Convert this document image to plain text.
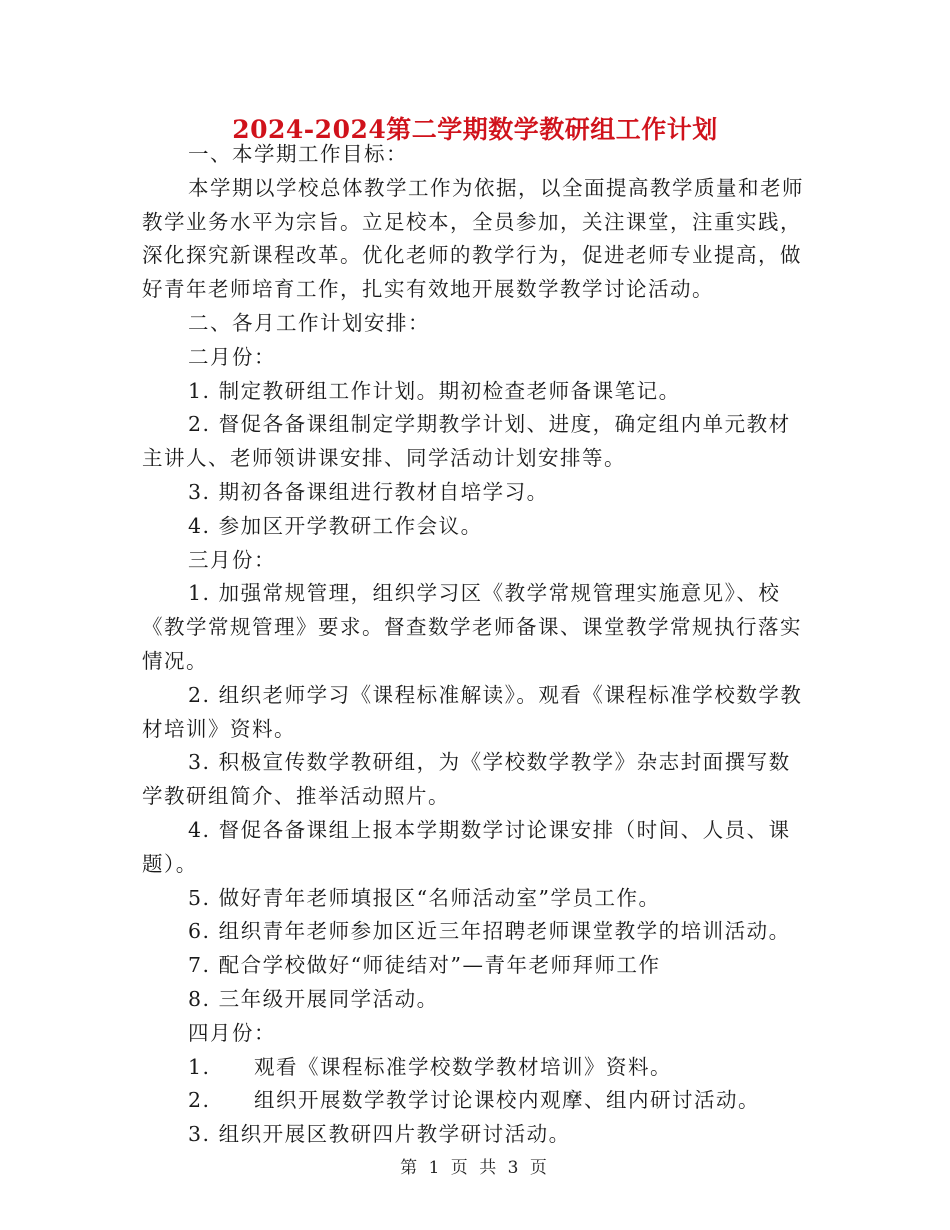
2024-2024第二学期数学教研组工作计划

一、本学期工作目标：

本学期以学校总体教学工作为依据，以全面提高教学质量和老师教学业务水平为宗旨。立足校本，全员参加，关注课堂，注重实践，深化探究新课程改革。优化老师的教学行为，促进老师专业提高，做好青年老师培育工作，扎实有效地开展数学教学讨论活动。

二、各月工作计划安排：

二月份：

1. 制定教研组工作计划。期初检查老师备课笔记。

2. 督促各备课组制定学期教学计划、进度，确定组内单元教材主讲人、老师领讲课安排、同学活动计划安排等。

3. 期初各备课组进行教材自培学习。

4. 参加区开学教研工作会议。

三月份：

1. 加强常规管理，组织学习区《教学常规管理实施意见》、校《教学常规管理》要求。督查数学老师备课、课堂教学常规执行落实情况。

2. 组织老师学习《课程标准解读》。观看《课程标准学校数学教材培训》资料。

3. 积极宣传数学教研组，为《学校数学教学》杂志封面撰写数学教研组简介、推举活动照片。

4. 督促各备课组上报本学期数学讨论课安排（时间、人员、课题）。

5. 做好青年老师填报区“名师活动室”学员工作。

6. 组织青年老师参加区近三年招聘老师课堂教学的培训活动。

7. 配合学校做好“师徒结对”—青年老师拜师工作

8. 三年级开展同学活动。

四月份：

1.	观看《课程标准学校数学教材培训》资料。
2.	组织开展数学教学讨论课校内观摩、组内研讨活动。

3. 组织开展区教研四片教学研讨活动。

第 1 页 共 3 页
